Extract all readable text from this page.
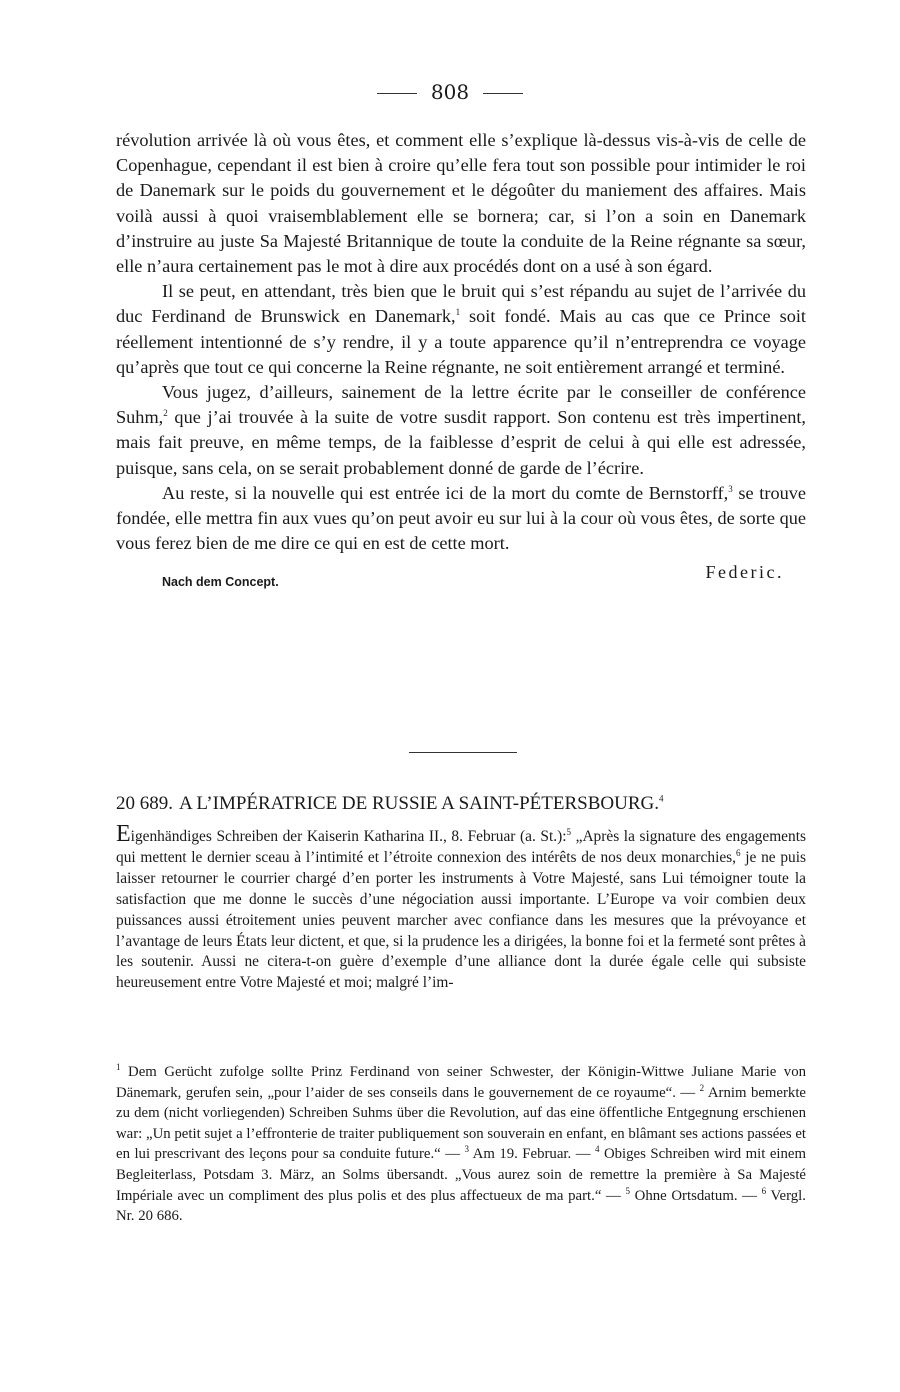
808

révolution arrivée là où vous êtes, et comment elle s’explique là-dessus vis-à-vis de celle de Copenhague, cependant il est bien à croire qu’elle fera tout son possible pour intimider le roi de Danemark sur le poids du gouvernement et le dégoûter du maniement des affaires. Mais voilà aussi à quoi vraisemblablement elle se bornera; car, si l’on a soin en Danemark d’instruire au juste Sa Majesté Britannique de toute la conduite de la Reine régnante sa sœur, elle n’aura certainement pas le mot à dire aux procédés dont on a usé à son égard.

Il se peut, en attendant, très bien que le bruit qui s’est répandu au sujet de l’arrivée du duc Ferdinand de Brunswick en Danemark,$^1$ soit fondé. Mais au cas que ce Prince soit réellement intentionné de s’y rendre, il y a toute apparence qu’il n’entreprendra ce voyage qu’après que tout ce qui concerne la Reine régnante, ne soit entièrement arrangé et terminé.

Vous jugez, d’ailleurs, sainement de la lettre écrite par le conseiller de conférence Suhm,$^2$ que j’ai trouvée à la suite de votre susdit rapport. Son contenu est très impertinent, mais fait preuve, en même temps, de la faiblesse d’esprit de celui à qui elle est adressée, puisque, sans cela, on se serait probablement donné de garde de l’écrire.

Au reste, si la nouvelle qui est entrée ici de la mort du comte de Bernstorff,$^3$ se trouve fondée, elle mettra fin aux vues qu’on peut avoir eu sur lui à la cour où vous êtes, de sorte que vous ferez bien de me dire ce qui en est de cette mort.

Nach dem Concept.	Federic.
20 689. A L’IMPÉRATRICE DE RUSSIE A SAINT-PÉTERSBOURG.$^4$
Eigenhändiges Schreiben der Kaiserin Katharina II., 8. Februar (a. St.):$^5$ „Après la signature des engagements qui mettent le dernier sceau à l’intimité et l’étroite connexion des intérêts de nos deux monarchies,$^6$ je ne puis laisser retourner le courrier chargé d’en porter les instruments à Votre Majesté, sans Lui témoigner toute la satisfaction que me donne le succès d’une négociation aussi importante. L’Europe va voir combien deux puissances aussi étroitement unies peuvent marcher avec confiance dans les mesures que la prévoyance et l’avantage de leurs États leur dictent, et que, si la prudence les a dirigées, la bonne foi et la fermeté sont prêtes à les soutenir. Aussi ne citera-t-on guère d’exemple d’une alliance dont la durée égale celle qui subsiste heureusement entre Votre Majesté et moi; malgré l’im-
$^1$ Dem Gerücht zufolge sollte Prinz Ferdinand von seiner Schwester, der Königin-Wittwe Juliane Marie von Dänemark, gerufen sein, „pour l’aider de ses conseils dans le gouvernement de ce royaume“. — $^2$ Arnim bemerkte zu dem (nicht vorliegenden) Schreiben Suhms über die Revolution, auf das eine öffentliche Entgegnung erschienen war: „Un petit sujet a l’effronterie de traiter publiquement son souverain en enfant, en blâmant ses actions passées et en lui prescrivant des leçons pour sa conduite future.“ — $^3$ Am 19. Februar. — $^4$ Obiges Schreiben wird mit einem Begleiterlass, Potsdam 3. März, an Solms übersandt. „Vous aurez soin de remettre la première à Sa Majesté Impériale avec un compliment des plus polis et des plus affectueux de ma part.“ — $^5$ Ohne Ortsdatum. — $^6$ Vergl. Nr. 20 686.
